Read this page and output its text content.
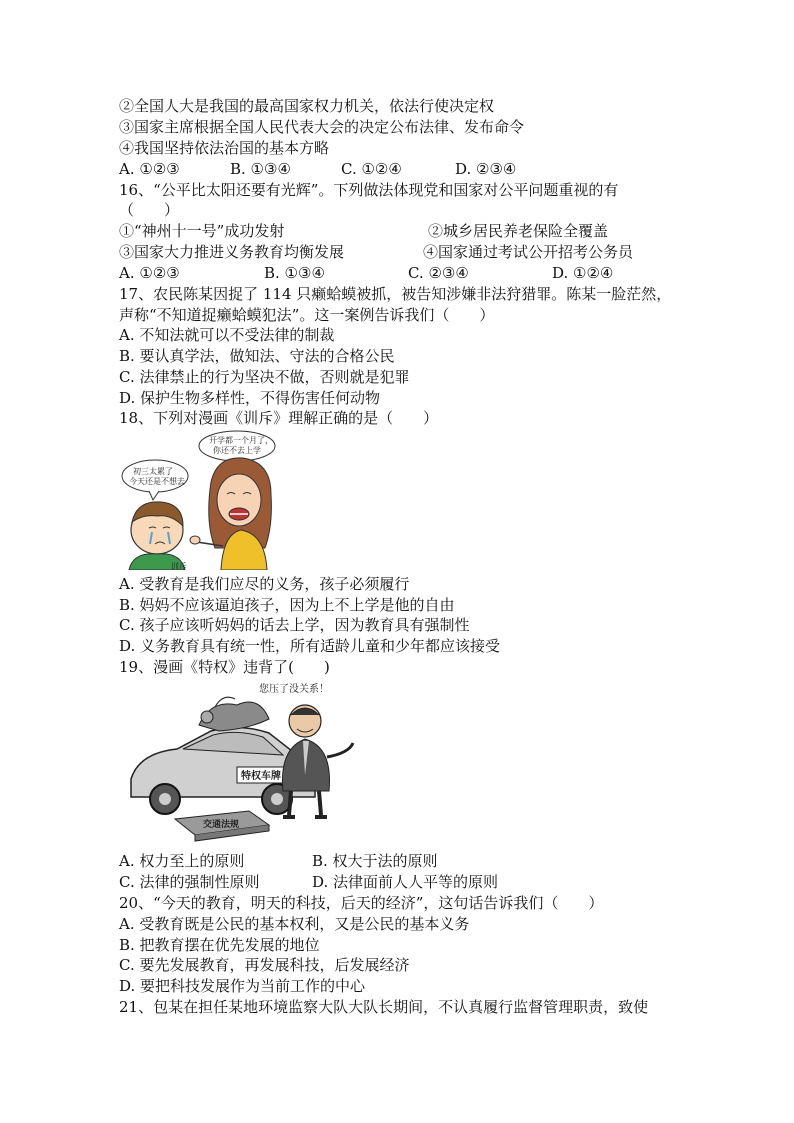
②全国人大是我国的最高国家权力机关，依法行使决定权
③国家主席根据全国人民代表大会的决定公布法律、发布命令
④我国坚持依法治国的基本方略
A. ①②③	B. ①③④	C. ①②④	D. ②③④
16、“公平比太阳还要有光辉”。下列做法体现党和国家对公平问题重视的有
（　　）
①“神州十一号”成功发射	②城乡居民养老保险全覆盖
③国家大力推进义务教育均衡发展	④国家通过考试公开招考公务员
A. ①②③	B. ①③④	C. ②③④	D. ①②④
17、农民陈某因捉了 114 只癞蛤蟆被抓，被告知涉嫌非法狩猎罪。陈某一脸茫然，
声称“不知道捉癞蛤蟆犯法”。这一案例告诉我们（　　）
A. 不知法就可以不受法律的制裁
B. 要认真学法，做知法、守法的合格公民
C. 法律禁止的行为坚决不做，否则就是犯罪
D. 保护生物多样性，不得伤害任何动物
18、下列对漫画《训斥》理解正确的是（　　）
初三太累了 今天还是不想去
开学都一个月了， 你还不去上学
训斥
A. 受教育是我们应尽的义务，孩子必须履行
B. 妈妈不应该逼迫孩子，因为上不上学是他的自由
C. 孩子应该听妈妈的话去上学，因为教育具有强制性
D. 义务教育具有统一性，所有适龄儿童和少年都应该接受
19、漫画《特权》违背了(　　)
您压了没关系！
特权车牌
交通法规
A. 权力至上的原则	B. 权大于法的原则
C. 法律的强制性原则	D. 法律面前人人平等的原则
20、“今天的教育，明天的科技，后天的经济”，这句话告诉我们（　　）
A. 受教育既是公民的基本权利，又是公民的基本义务
B. 把教育摆在优先发展的地位
C. 要先发展教育，再发展科技，后发展经济
D. 要把科技发展作为当前工作的中心
21、包某在担任某地环境监察大队大队长期间，不认真履行监督管理职责，致使
